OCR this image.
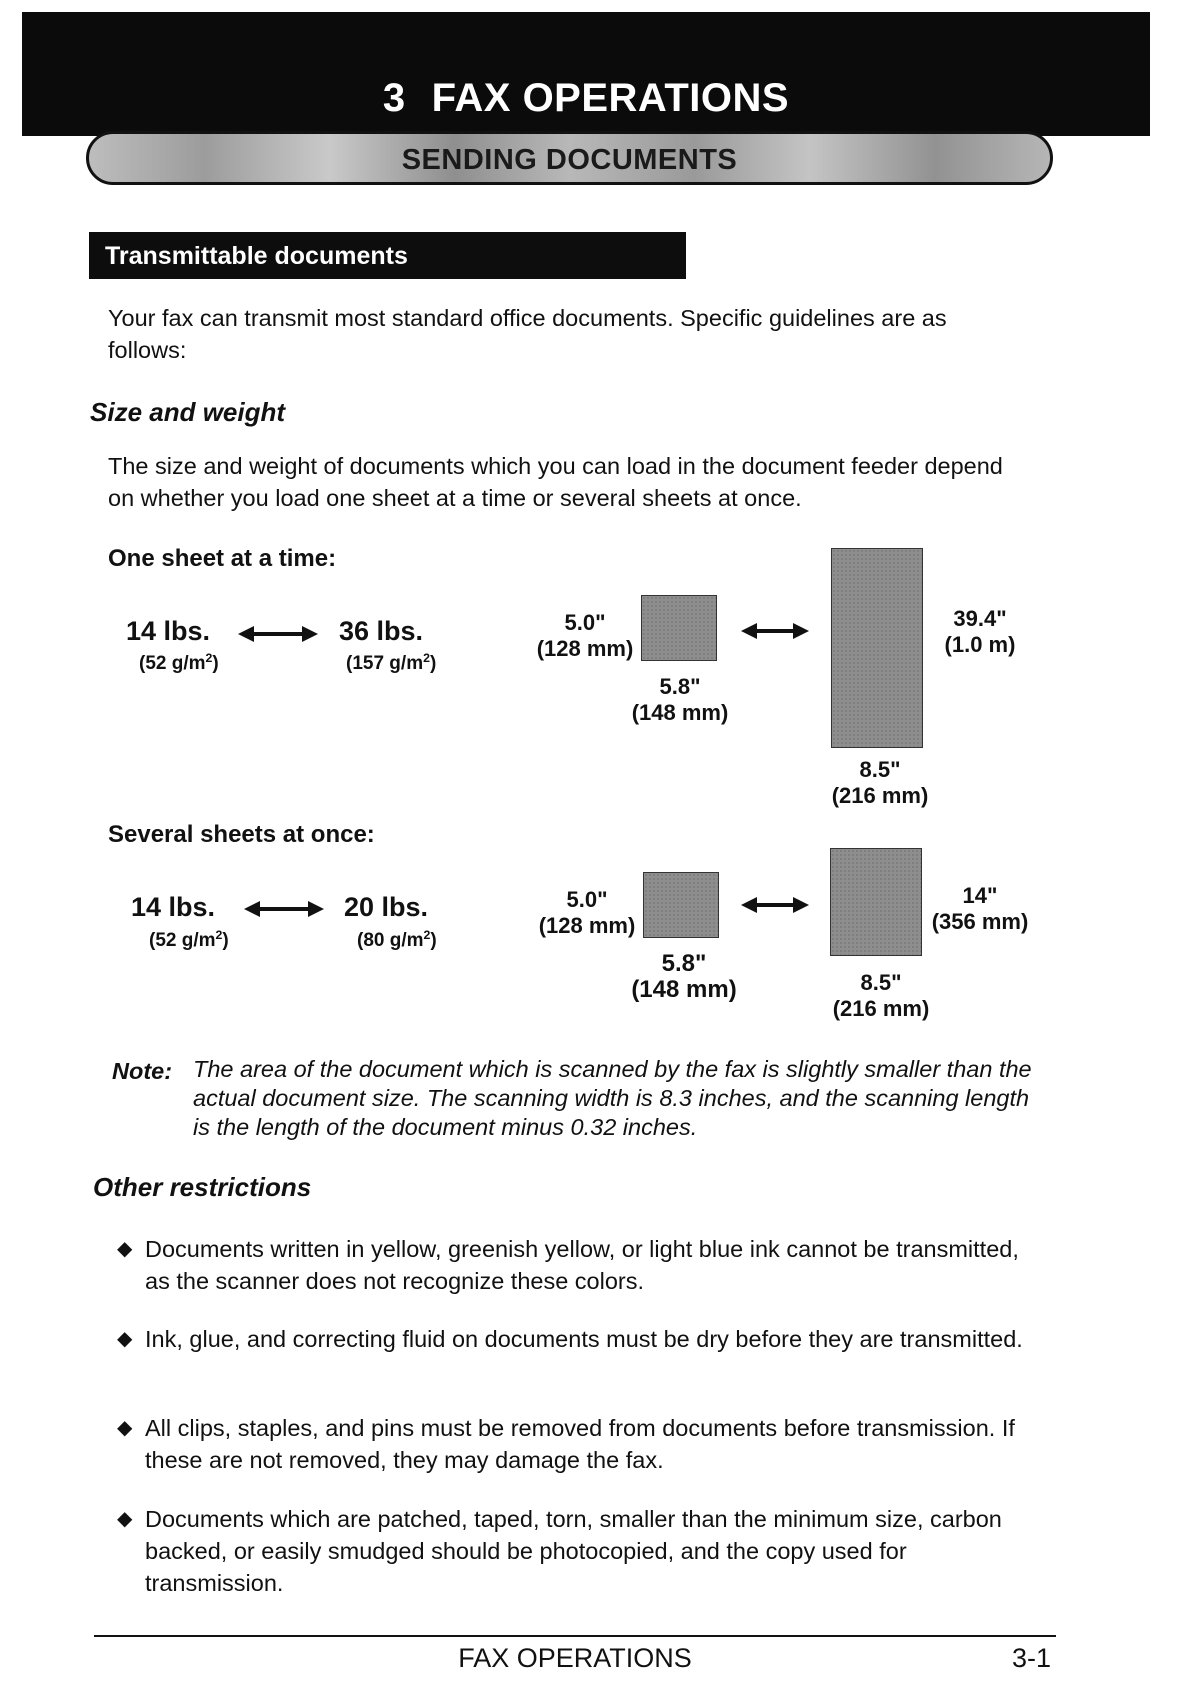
3 FAX OPERATIONS
SENDING DOCUMENTS
Transmittable documents
Your fax can transmit most standard office documents. Specific guidelines are as follows:
Size and weight
The size and weight of documents which you can load in the document feeder depend on whether you load one sheet at a time or several sheets at once.
One sheet at a time:
14 lbs.
(52 $g/m^2$)
36 lbs.
(157 $g/m^2$)
5.0"
(128 mm)
5.8"
(148 mm)
39.4"
(1.0 m)
8.5"
(216 mm)
Several sheets at once:
14 lbs.
(52 $g/m^2$)
20 lbs.
(80 $g/m^2$)
5.0"
(128 mm)
5.8"
(148 mm)
14"
(356 mm)
8.5"
(216 mm)
Note: The area of the document which is scanned by the fax is slightly smaller than the actual document size. The scanning width is 8.3 inches, and the scanning length is the length of the document minus 0.32 inches.
Other restrictions
◆ Documents written in yellow, greenish yellow, or light blue ink cannot be transmitted, as the scanner does not recognize these colors.
◆ Ink, glue, and correcting fluid on documents must be dry before they are transmitted.
◆ All clips, staples, and pins must be removed from documents before transmission. If these are not removed, they may damage the fax.
◆ Documents which are patched, taped, torn, smaller than the minimum size, carbon backed, or easily smudged should be photocopied, and the copy used for transmission.
FAX OPERATIONS	3-1
